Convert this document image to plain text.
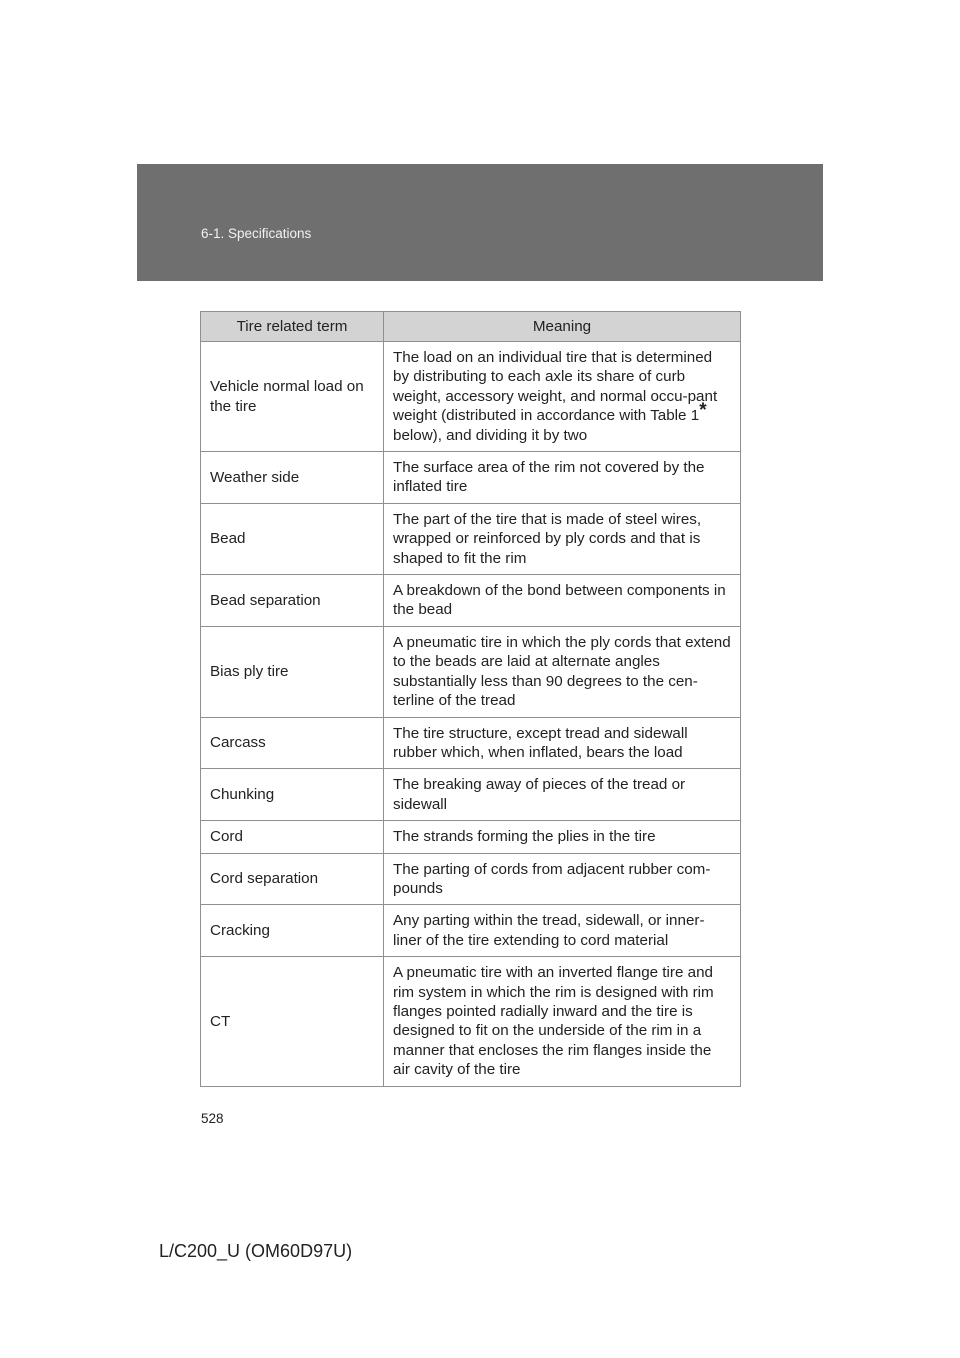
6-1. Specifications
Tire related term	Meaning
Vehicle normal load on the tire	The load on an individual tire that is determined by distributing to each axle its share of curb weight, accessory weight, and normal occu-pant weight (distributed in accordance with Table 1* below), and dividing it by two
Weather side	The surface area of the rim not covered by the inflated tire
Bead	The part of the tire that is made of steel wires, wrapped or reinforced by ply cords and that is shaped to fit the rim
Bead separation	A breakdown of the bond between components in the bead
Bias ply tire	A pneumatic tire in which the ply cords that extend to the beads are laid at alternate angles substantially less than 90 degrees to the cen-terline of the tread
Carcass	The tire structure, except tread and sidewall rubber which, when inflated, bears the load
Chunking	The breaking away of pieces of the tread or sidewall
Cord	The strands forming the plies in the tire
Cord separation	The parting of cords from adjacent rubber com-pounds
Cracking	Any parting within the tread, sidewall, or inner-liner of the tire extending to cord material
CT	A pneumatic tire with an inverted flange tire and rim system in which the rim is designed with rim flanges pointed radially inward and the tire is designed to fit on the underside of the rim in a manner that encloses the rim flanges inside the air cavity of the tire
528
L/C200_U (OM60D97U)
